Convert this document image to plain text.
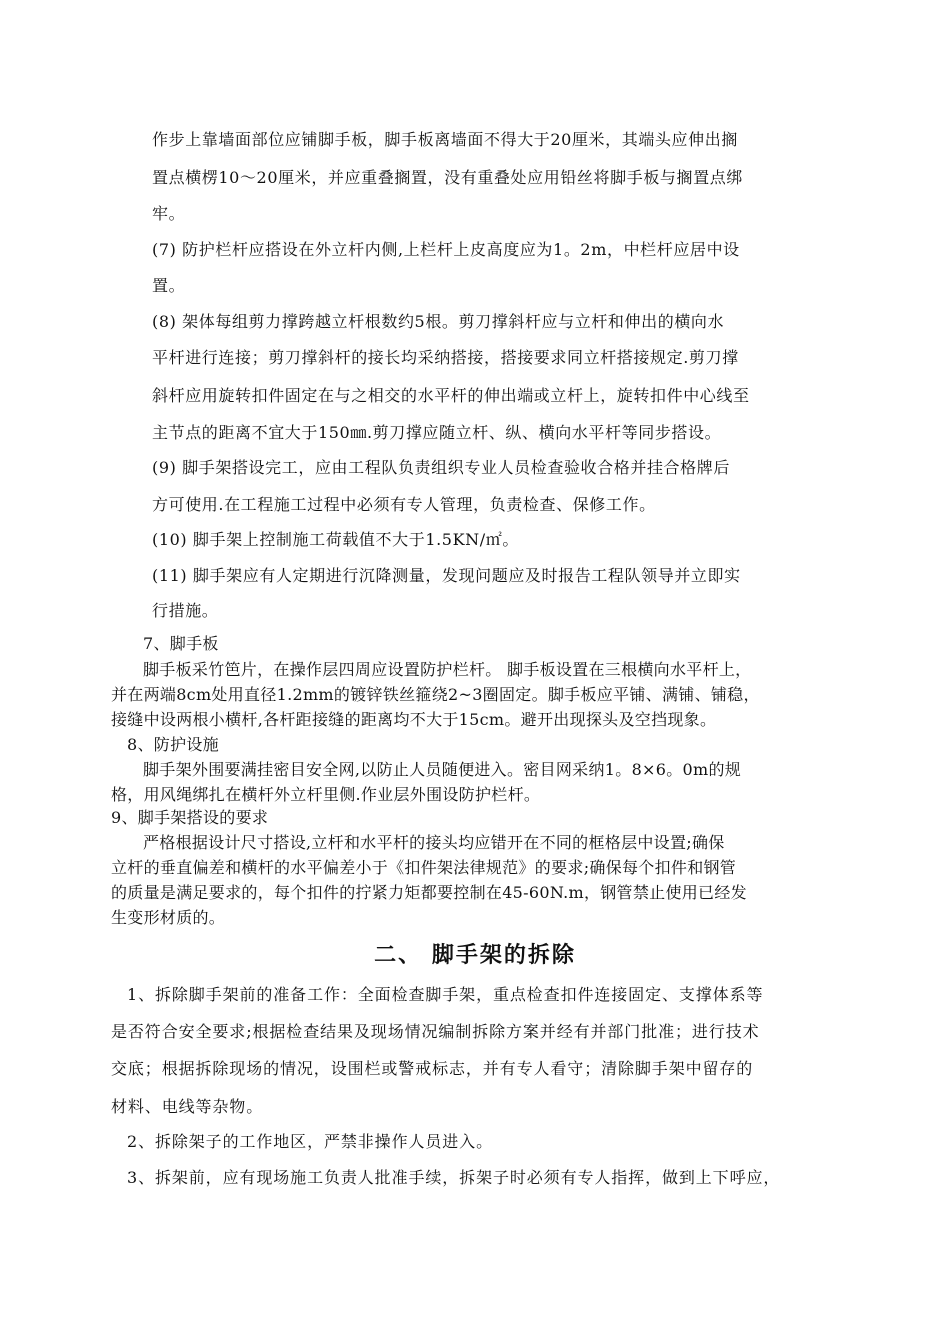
作步上靠墙面部位应铺脚手板，脚手板离墙面不得大于20厘米，其端头应伸出搁
置点横楞10～20厘米，并应重叠搁置，没有重叠处应用铅丝将脚手板与搁置点绑
牢。
(7) 防护栏杆应搭设在外立杆内侧,上栏杆上皮高度应为1。2m，中栏杆应居中设
置。
(8) 架体每组剪力撑跨越立杆根数约5根。剪刀撑斜杆应与立杆和伸出的横向水
平杆进行连接；剪刀撑斜杆的接长均采纳搭接，搭接要求同立杆搭接规定.剪刀撑
斜杆应用旋转扣件固定在与之相交的水平杆的伸出端或立杆上，旋转扣件中心线至
主节点的距离不宜大于150㎜.剪刀撑应随立杆、纵、横向水平杆等同步搭设。
(9) 脚手架搭设完工，应由工程队负责组织专业人员检查验收合格并挂合格牌后
方可使用.在工程施工过程中必须有专人管理，负责检查、保修工作。
(10) 脚手架上控制施工荷载值不大于1.5KN/㎡。
(11) 脚手架应有人定期进行沉降测量，发现问题应及时报告工程队领导并立即实
行措施。
7、脚手板
脚手板采竹笆片，在操作层四周应设置防护栏杆。 脚手板设置在三根横向水平杆上，
并在两端8cm处用直径1.2mm的镀锌铁丝箍绕2~3圈固定。脚手板应平铺、满铺、铺稳，
接缝中设两根小横杆,各杆距接缝的距离均不大于15cm。避开出现探头及空挡现象。
8、防护设施
脚手架外围要满挂密目安全网,以防止人员随便进入。密目网采纳1。8×6。0m的规
格，用风绳绑扎在横杆外立杆里侧.作业层外围设防护栏杆。
9、脚手架搭设的要求
严格根据设计尺寸搭设,立杆和水平杆的接头均应错开在不同的框格层中设置;确保
立杆的垂直偏差和横杆的水平偏差小于《扣件架法律规范》的要求;确保每个扣件和钢管
的质量是满足要求的，每个扣件的拧紧力矩都要控制在45-60N.m，钢管禁止使用已经发
生变形材质的。
二、 脚手架的拆除
1、拆除脚手架前的准备工作：全面检查脚手架，重点检查扣件连接固定、支撑体系等
是否符合安全要求;根据检查结果及现场情况编制拆除方案并经有并部门批准；进行技术
交底；根据拆除现场的情况，设围栏或警戒标志，并有专人看守；清除脚手架中留存的
材料、电线等杂物。
2、拆除架子的工作地区，严禁非操作人员进入。
3、拆架前，应有现场施工负责人批准手续，拆架子时必须有专人指挥，做到上下呼应，
